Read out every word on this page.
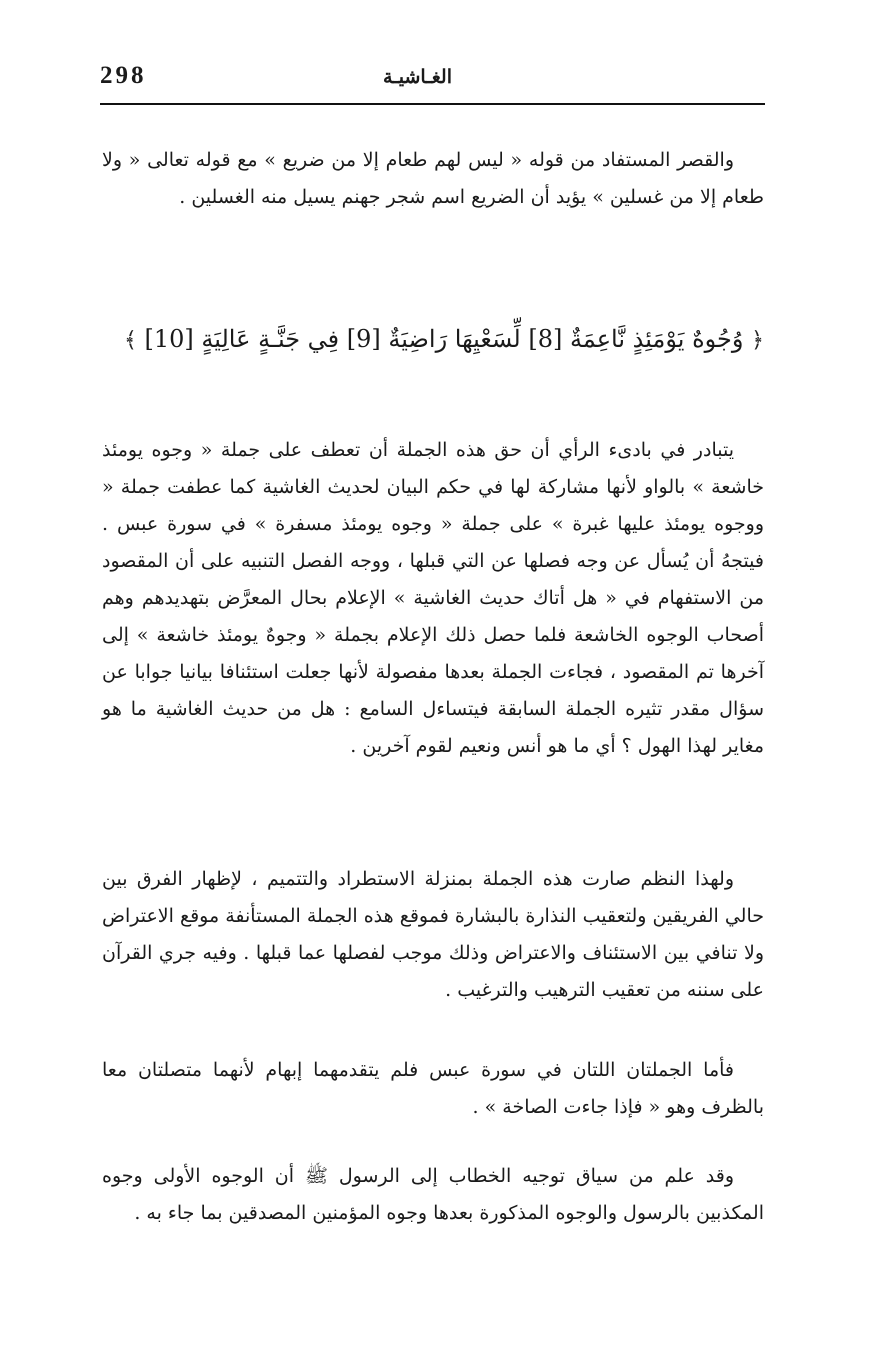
298	الغـاشيـة
والقصر المستفاد من قوله « ليس لهم طعام إلا من ضريع » مع قوله تعالى « ولا طعام إلا من غسلين » يؤيد أن الضريع اسم شجر جهنم يسيل منه الغسلين .
﴿ وُجُوهٌ يَوْمَئِذٍ نَّاعِمَةٌ [8] لِّسَعْيِهَا رَاضِيَةٌ [9] فِي جَنَّـةٍ عَالِيَةٍ [10] ﴾
يتبادر في بادىء الرأي أن حق هذه الجملة أن تعطف على جملة « وجوه يومئذ خاشعة » بالواو لأنها مشاركة لها في حكم البيان لحديث الغاشية كما عطفت جملة « ووجوه يومئذ عليها غبرة » على جملة « وجوه يومئذ مسفرة » في سورة عبس . فيتجهُ أن يُسأل عن وجه فصلها عن التي قبلها ، ووجه الفصل التنبيه على أن المقصود من الاستفهام في « هل أتاك حديث الغاشية » الإعلام بحال المعرَّض بتهديدهم وهم أصحاب الوجوه الخاشعة فلما حصل ذلك الإعلام بجملة « وجوهٌ يومئذ خاشعة » إلى آخرها تم المقصود ، فجاءت الجملة بعدها مفصولة لأنها جعلت استئنافا بيانيا جوابا عن سؤال مقدر تثيره الجملة السابقة فيتساءل السامع : هل من حديث الغاشية ما هو مغاير لهذا الهول ؟ أي ما هو أنس ونعيم لقوم آخرين .
ولهذا النظم صارت هذه الجملة بمنزلة الاستطراد والتتميم ، لإظهار الفرق بين حالي الفريقين ولتعقيب النذارة بالبشارة فموقع هذه الجملة المستأنفة موقع الاعتراض ولا تنافي بين الاستئناف والاعتراض وذلك موجب لفصلها عما قبلها . وفيه جري القرآن على سننه من تعقيب الترهيب والترغيب .
فأما الجملتان اللتان في سورة عبس فلم يتقدمهما إبهام لأنهما متصلتان معا بالظرف وهو « فإذا جاءت الصاخة » .
وقد علم من سياق توجيه الخطاب إلى الرسول ﷺ أن الوجوه الأولى وجوه المكذبين بالرسول والوجوه المذكورة بعدها وجوه المؤمنين المصدقين بما جاء به .
